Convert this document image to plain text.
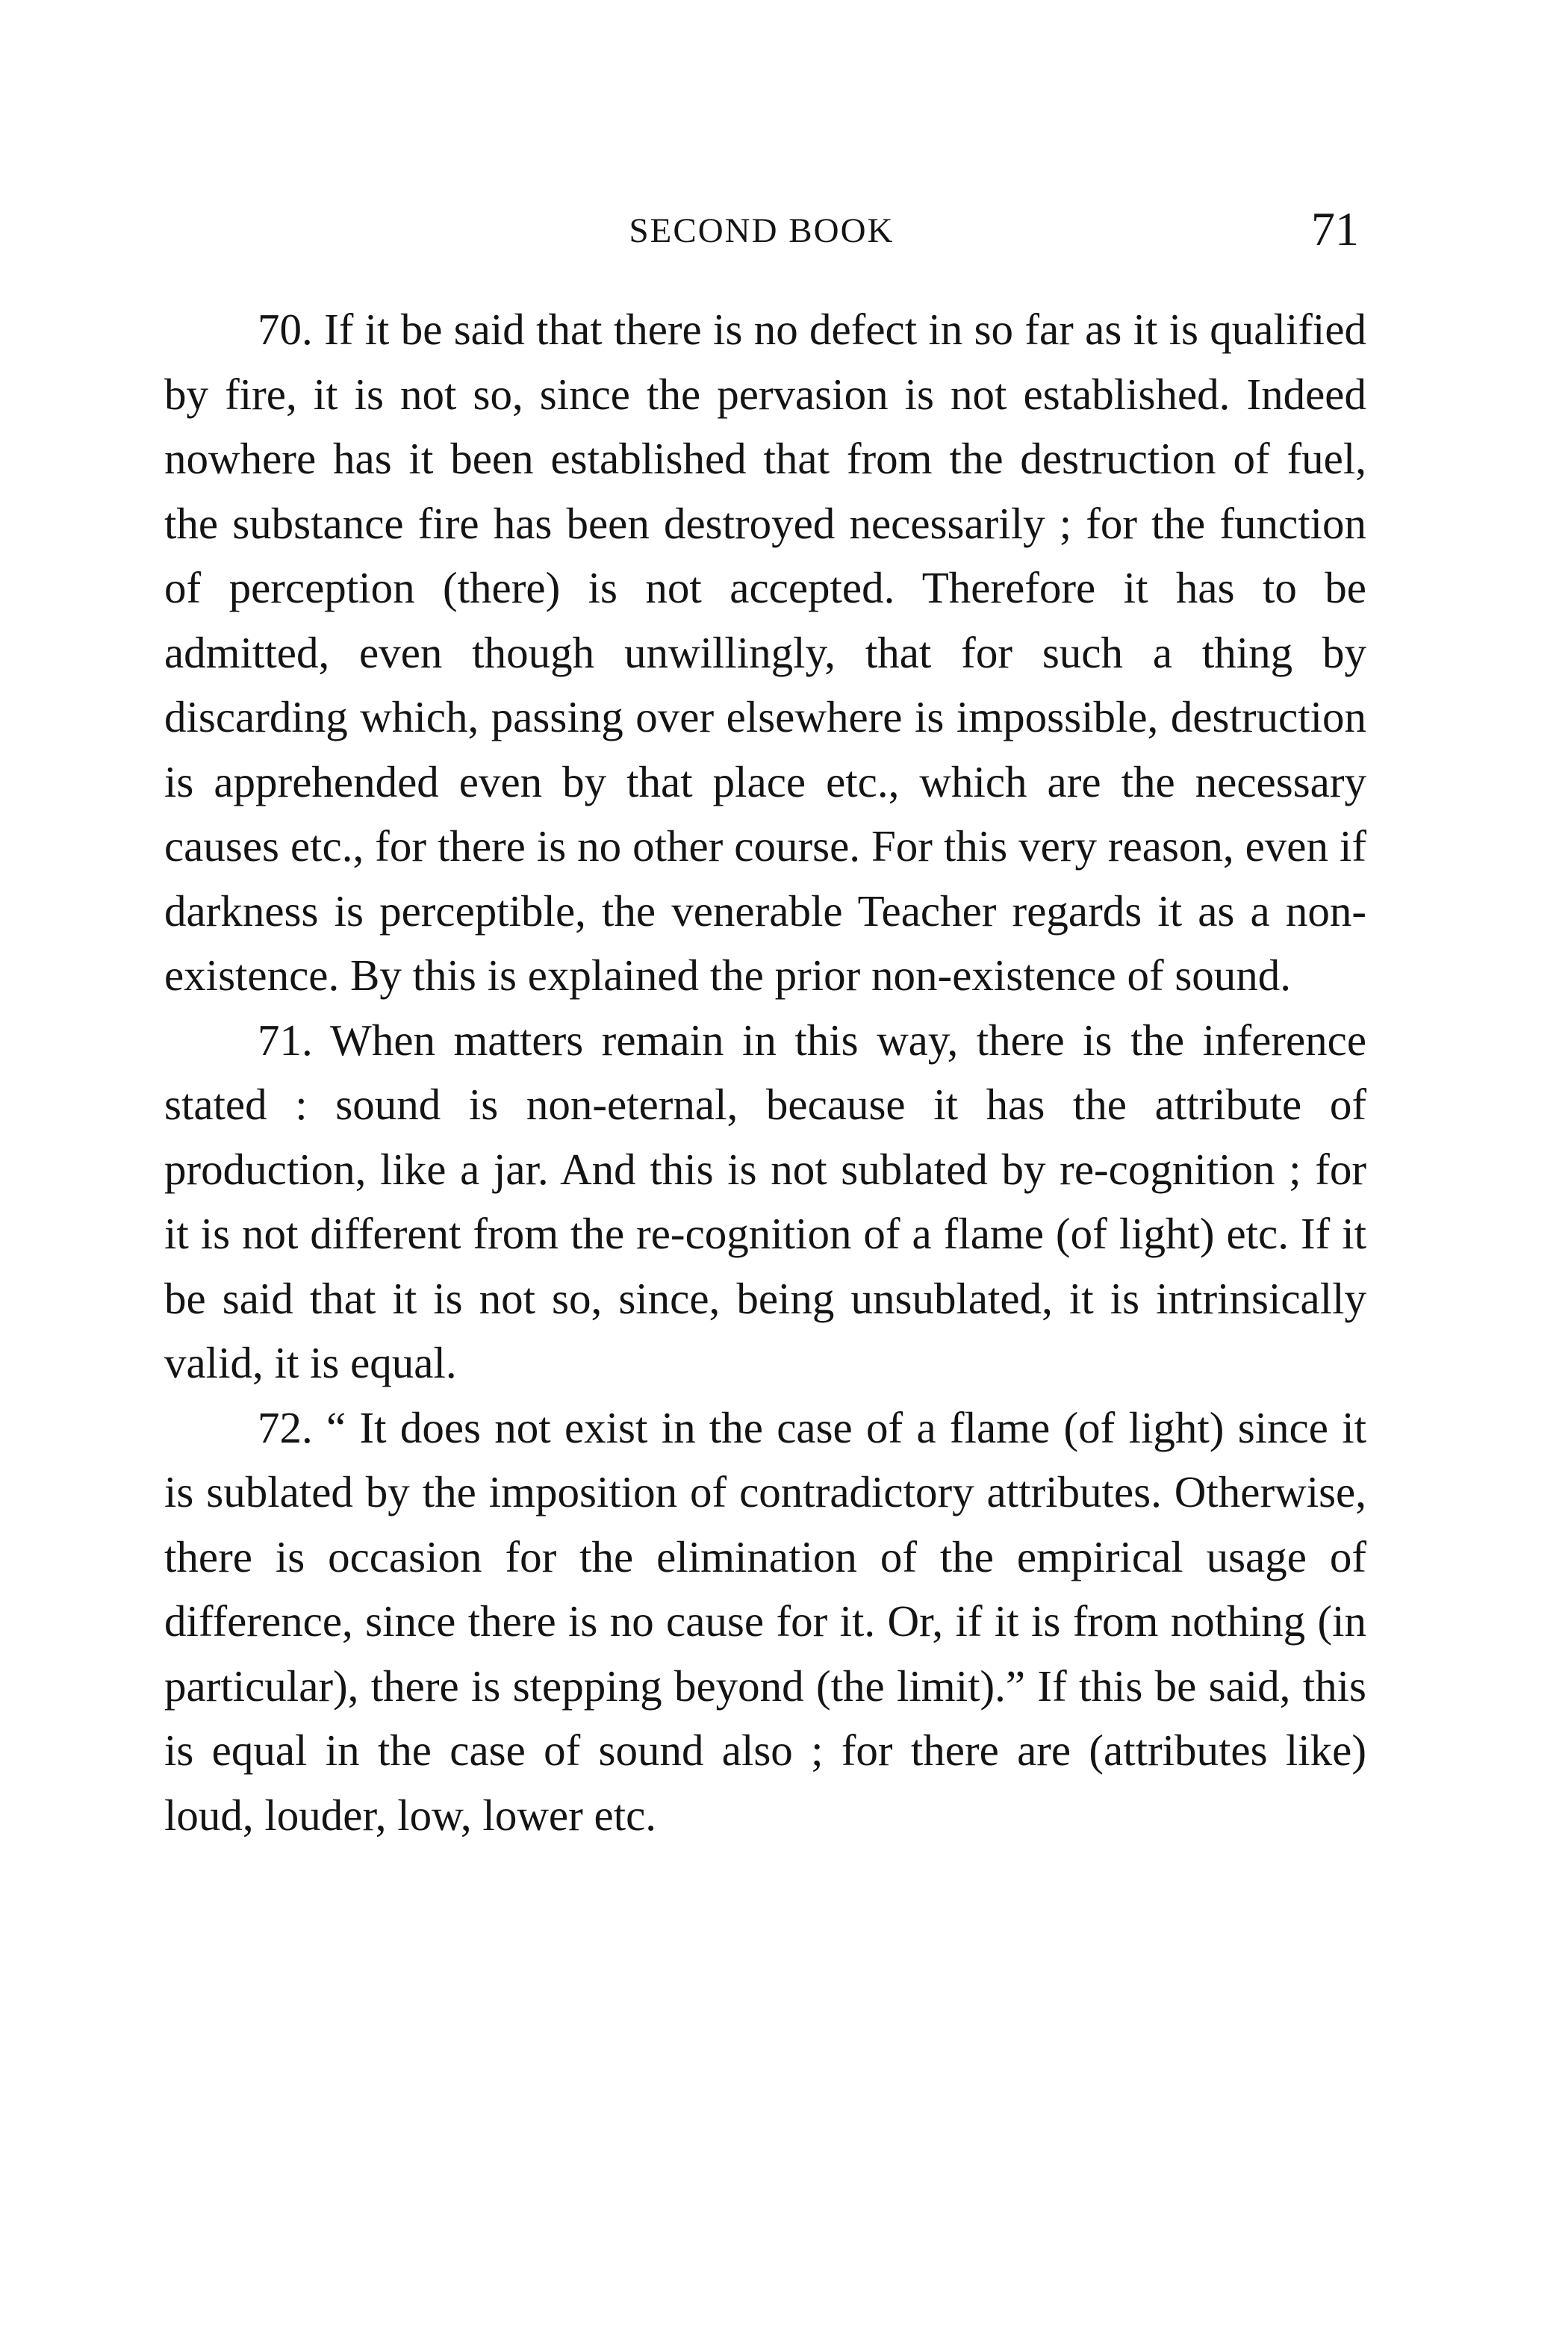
SECOND BOOK	71

70. If it be said that there is no defect in so far as it is qualified by fire, it is not so, since the pervasion is not established. Indeed nowhere has it been established that from the destruction of fuel, the substance fire has been destroyed necessarily ; for the function of perception (there) is not accepted. Therefore it has to be admitted, even though unwillingly, that for such a thing by discarding which, passing over elsewhere is impossible, destruction is apprehended even by that place etc., which are the necessary causes etc., for there is no other course. For this very reason, even if darkness is perceptible, the venerable Teacher regards it as a non-existence. By this is explained the prior non-existence of sound.

71. When matters remain in this way, there is the inference stated : sound is non-eternal, because it has the attribute of production, like a jar. And this is not sublated by re-cognition ; for it is not different from the re-cognition of a flame (of light) etc. If it be said that it is not so, since, being unsublated, it is intrinsically valid, it is equal.

72. “ It does not exist in the case of a flame (of light) since it is sublated by the imposition of contradictory attributes. Otherwise, there is occasion for the elimination of the empirical usage of difference, since there is no cause for it. Or, if it is from nothing (in particular), there is stepping beyond (the limit).” If this be said, this is equal in the case of sound also ; for there are (attributes like) loud, louder, low, lower etc.
